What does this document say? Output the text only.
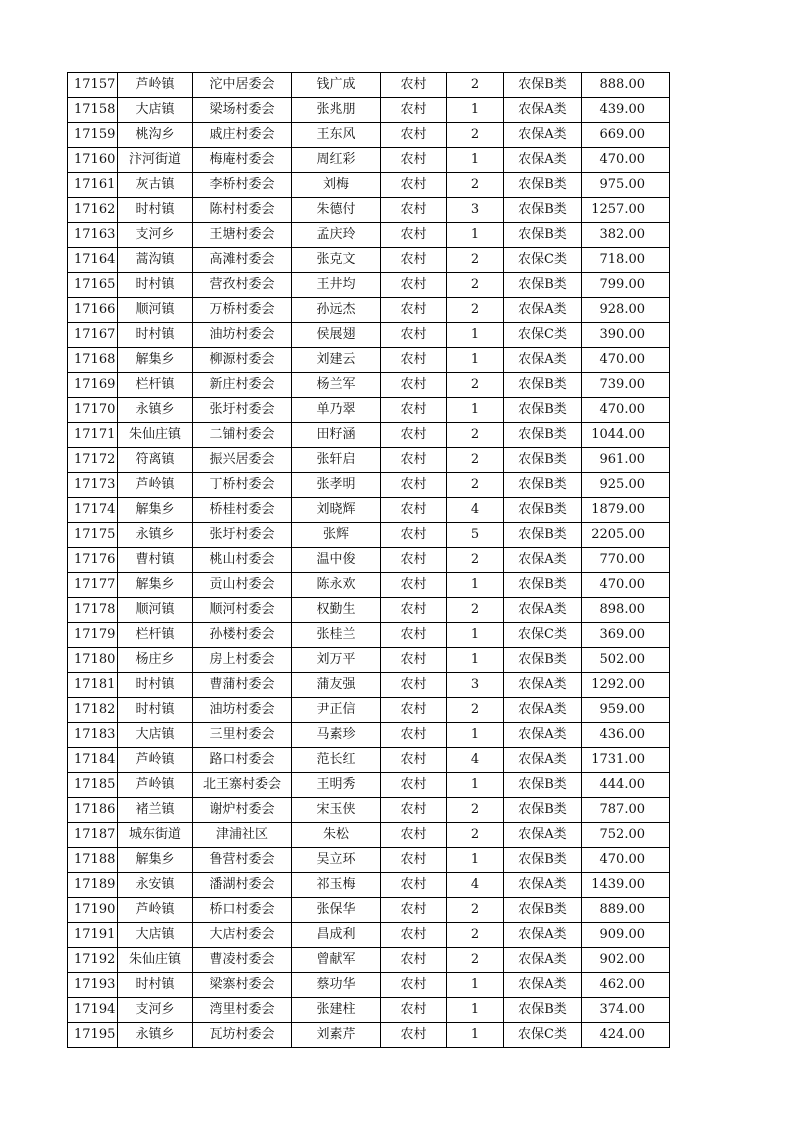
17157	芦岭镇	沱中居委会	钱广成	农村	2	农保B类	888.00
17158	大店镇	梁场村委会	张兆朋	农村	1	农保A类	439.00
17159	桃沟乡	戚庄村委会	王东风	农村	2	农保A类	669.00
17160	汴河街道	梅庵村委会	周红彩	农村	1	农保A类	470.00
17161	灰古镇	李桥村委会	刘梅	农村	2	农保B类	975.00
17162	时村镇	陈村村委会	朱德付	农村	3	农保B类	1257.00
17163	支河乡	王塘村委会	孟庆玲	农村	1	农保B类	382.00
17164	蒿沟镇	高滩村委会	张克文	农村	2	农保C类	718.00
17165	时村镇	营孜村委会	王井均	农村	2	农保B类	799.00
17166	顺河镇	万桥村委会	孙远杰	农村	2	农保A类	928.00
17167	时村镇	油坊村委会	侯展翅	农村	1	农保C类	390.00
17168	解集乡	柳源村委会	刘建云	农村	1	农保A类	470.00
17169	栏杆镇	新庄村委会	杨兰军	农村	2	农保B类	739.00
17170	永镇乡	张圩村委会	单乃翠	农村	1	农保B类	470.00
17171	朱仙庄镇	二铺村委会	田籽涵	农村	2	农保B类	1044.00
17172	符离镇	振兴居委会	张轩启	农村	2	农保B类	961.00
17173	芦岭镇	丁桥村委会	张孝明	农村	2	农保B类	925.00
17174	解集乡	桥桂村委会	刘晓辉	农村	4	农保B类	1879.00
17175	永镇乡	张圩村委会	张辉	农村	5	农保B类	2205.00
17176	曹村镇	桃山村委会	温中俊	农村	2	农保A类	770.00
17177	解集乡	贡山村委会	陈永欢	农村	1	农保B类	470.00
17178	顺河镇	顺河村委会	权勤生	农村	2	农保A类	898.00
17179	栏杆镇	孙楼村委会	张桂兰	农村	1	农保C类	369.00
17180	杨庄乡	房上村委会	刘万平	农村	1	农保B类	502.00
17181	时村镇	曹蒲村委会	蒲友强	农村	3	农保A类	1292.00
17182	时村镇	油坊村委会	尹正信	农村	2	农保A类	959.00
17183	大店镇	三里村委会	马素珍	农村	1	农保A类	436.00
17184	芦岭镇	路口村委会	范长红	农村	4	农保A类	1731.00
17185	芦岭镇	北王寨村委会	王明秀	农村	1	农保B类	444.00
17186	褚兰镇	谢炉村委会	宋玉侠	农村	2	农保B类	787.00
17187	城东街道	津浦社区	朱松	农村	2	农保A类	752.00
17188	解集乡	鲁营村委会	吴立环	农村	1	农保B类	470.00
17189	永安镇	潘湖村委会	祁玉梅	农村	4	农保A类	1439.00
17190	芦岭镇	桥口村委会	张保华	农村	2	农保B类	889.00
17191	大店镇	大店村委会	昌成利	农村	2	农保A类	909.00
17192	朱仙庄镇	曹凌村委会	曾献军	农村	2	农保A类	902.00
17193	时村镇	梁寨村委会	蔡功华	农村	1	农保A类	462.00
17194	支河乡	湾里村委会	张建柱	农村	1	农保B类	374.00
17195	永镇乡	瓦坊村委会	刘素芹	农村	1	农保C类	424.00
